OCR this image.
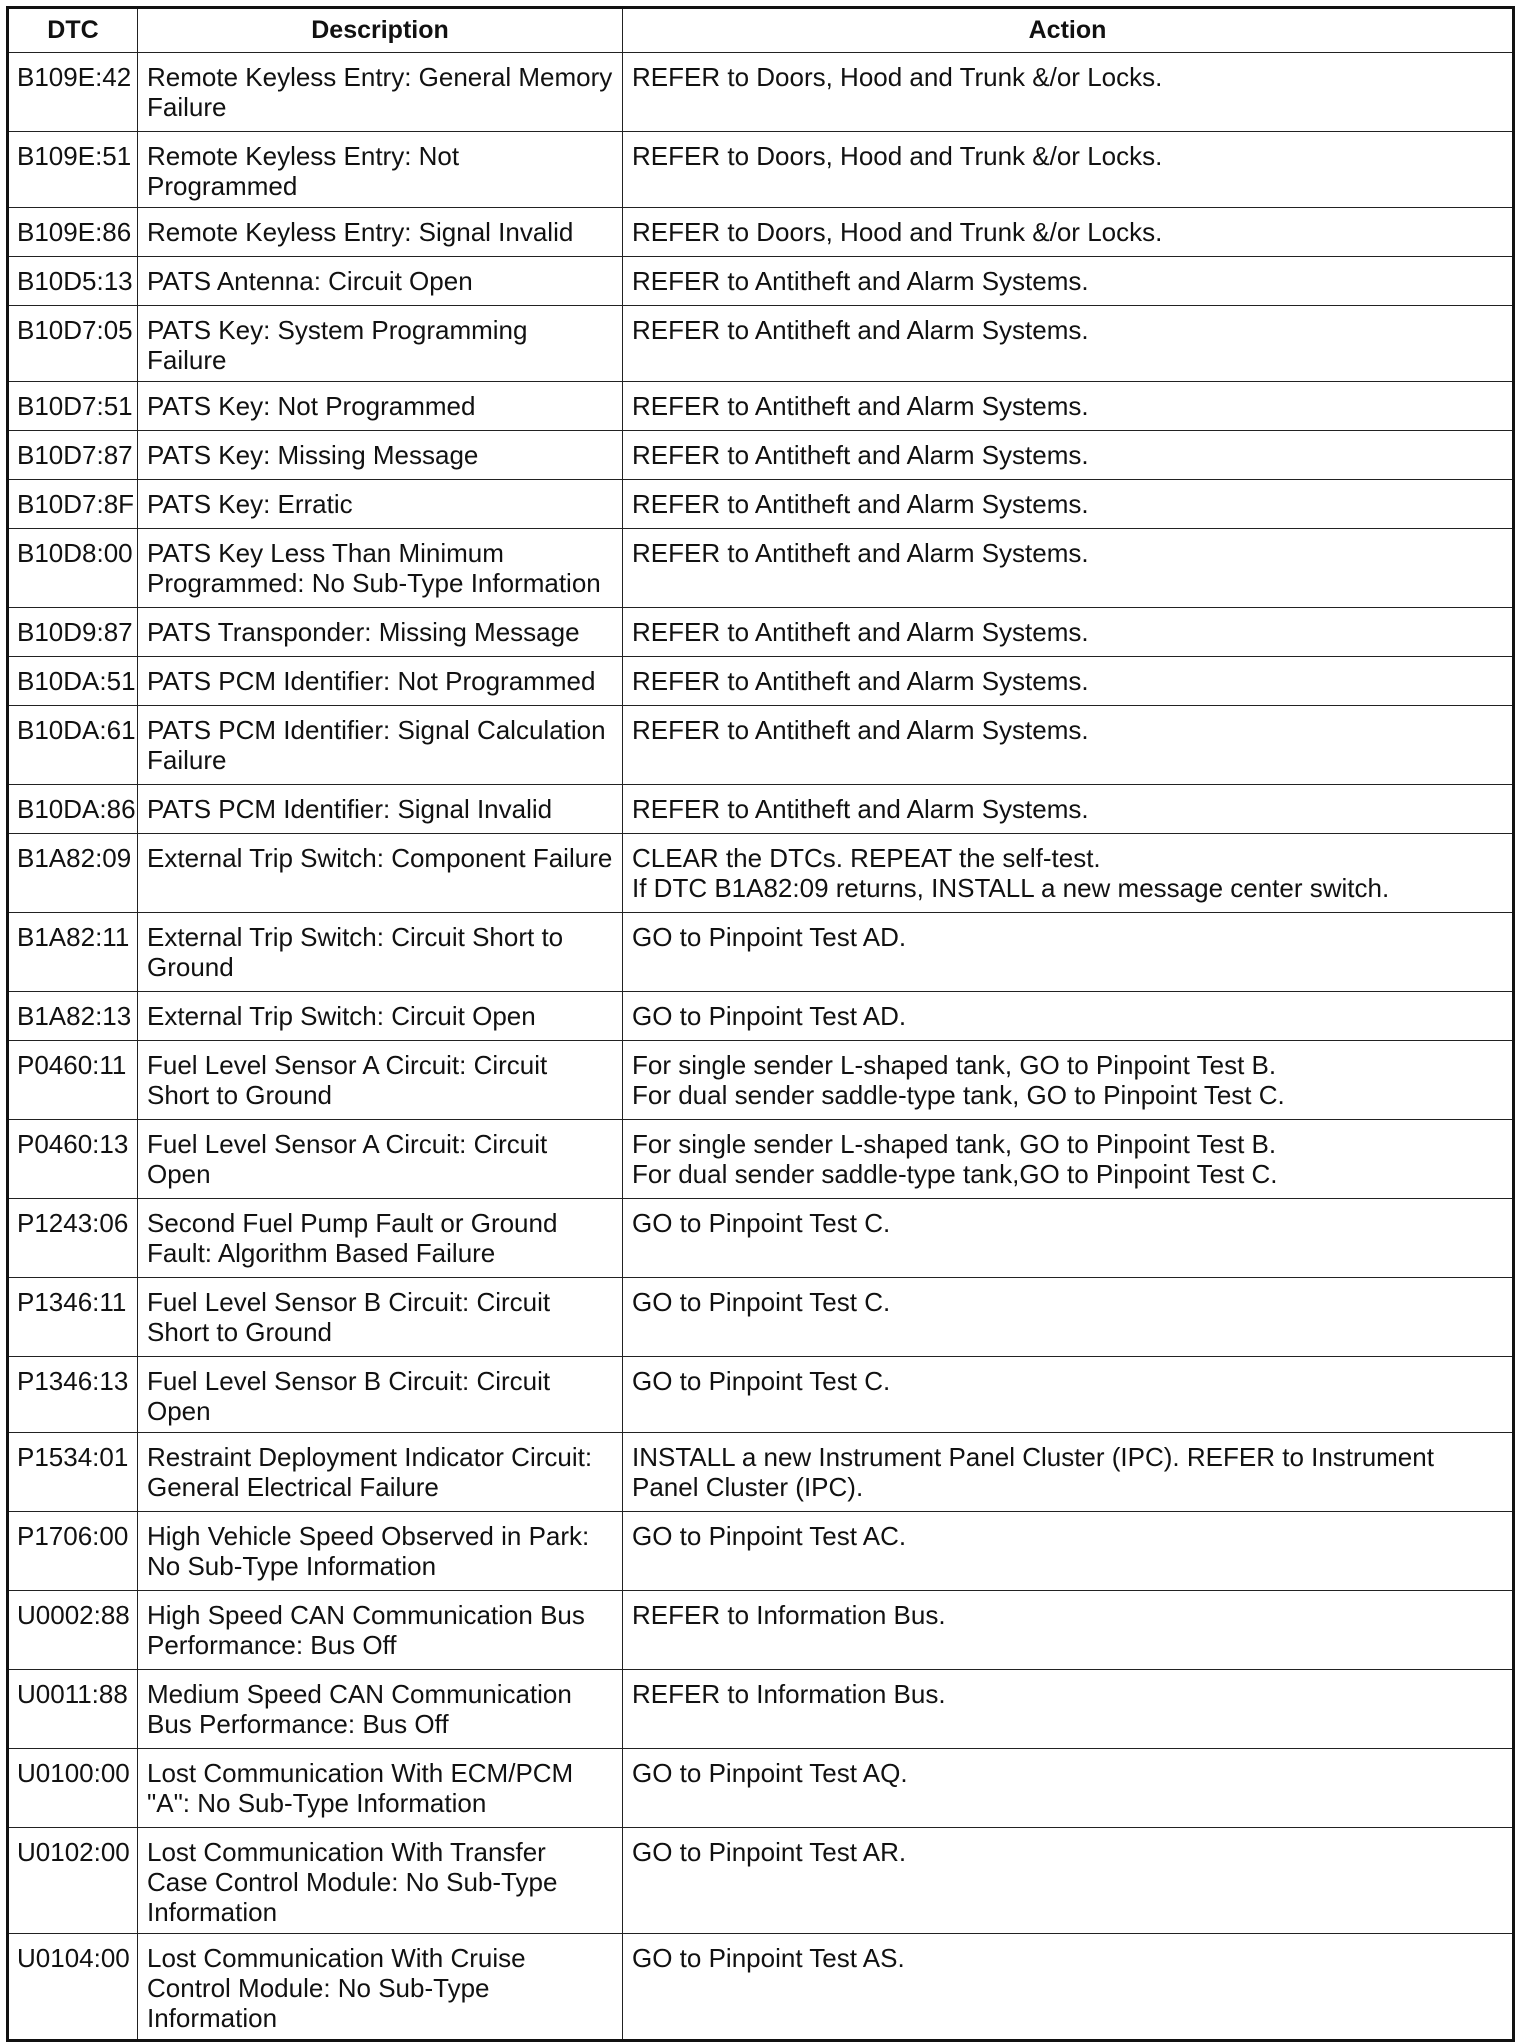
DTC	Description	Action
B109E:42	Remote Keyless Entry: General Memory Failure	REFER to Doors, Hood and Trunk &/or Locks.

B109E:51	Remote Keyless Entry: Not Programmed	REFER to Doors, Hood and Trunk &/or Locks.

B109E:86	Remote Keyless Entry: Signal Invalid	REFER to Doors, Hood and Trunk &/or Locks.

B10D5:13	PATS Antenna: Circuit Open	REFER to Antitheft and Alarm Systems.

B10D7:05	PATS Key: System Programming Failure	REFER to Antitheft and Alarm Systems.

B10D7:51	PATS Key: Not Programmed	REFER to Antitheft and Alarm Systems.

B10D7:87	PATS Key: Missing Message	REFER to Antitheft and Alarm Systems.

B10D7:8F	PATS Key: Erratic	REFER to Antitheft and Alarm Systems.

B10D8:00	PATS Key Less Than Minimum Programmed: No Sub-Type Information	REFER to Antitheft and Alarm Systems.

B10D9:87	PATS Transponder: Missing Message	REFER to Antitheft and Alarm Systems.

B10DA:51	PATS PCM Identifier: Not Programmed	REFER to Antitheft and Alarm Systems.

B10DA:61	PATS PCM Identifier: Signal Calculation Failure	REFER to Antitheft and Alarm Systems.

B10DA:86	PATS PCM Identifier: Signal Invalid	REFER to Antitheft and Alarm Systems.

B1A82:09	External Trip Switch: Component Failure	CLEAR the DTCs. REPEAT the self-test.
If DTC B1A82:09 returns, INSTALL a new message center switch.

B1A82:11	External Trip Switch: Circuit Short to Ground	GO to Pinpoint Test AD.

B1A82:13	External Trip Switch: Circuit Open	GO to Pinpoint Test AD.

P0460:11	Fuel Level Sensor A Circuit: Circuit Short to Ground	For single sender L-shaped tank, GO to Pinpoint Test B.
For dual sender saddle-type tank, GO to Pinpoint Test C.

P0460:13	Fuel Level Sensor A Circuit: Circuit Open	For single sender L-shaped tank, GO to Pinpoint Test B.
For dual sender saddle-type tank,GO to Pinpoint Test C.

P1243:06	Second Fuel Pump Fault or Ground Fault: Algorithm Based Failure	GO to Pinpoint Test C.

P1346:11	Fuel Level Sensor B Circuit: Circuit Short to Ground	GO to Pinpoint Test C.

P1346:13	Fuel Level Sensor B Circuit: Circuit Open	GO to Pinpoint Test C.

P1534:01	Restraint Deployment Indicator Circuit: General Electrical Failure	INSTALL a new Instrument Panel Cluster (IPC). REFER to Instrument Panel Cluster (IPC).

P1706:00	High Vehicle Speed Observed in Park: No Sub-Type Information	GO to Pinpoint Test AC.

U0002:88	High Speed CAN Communication Bus Performance: Bus Off	REFER to Information Bus.

U0011:88	Medium Speed CAN Communication Bus Performance: Bus Off	REFER to Information Bus.

U0100:00	Lost Communication With ECM/PCM "A": No Sub-Type Information	GO to Pinpoint Test AQ.

U0102:00	Lost Communication With Transfer Case Control Module: No Sub-Type Information	GO to Pinpoint Test AR.

U0104:00	Lost Communication With Cruise Control Module: No Sub-Type Information	GO to Pinpoint Test AS.
